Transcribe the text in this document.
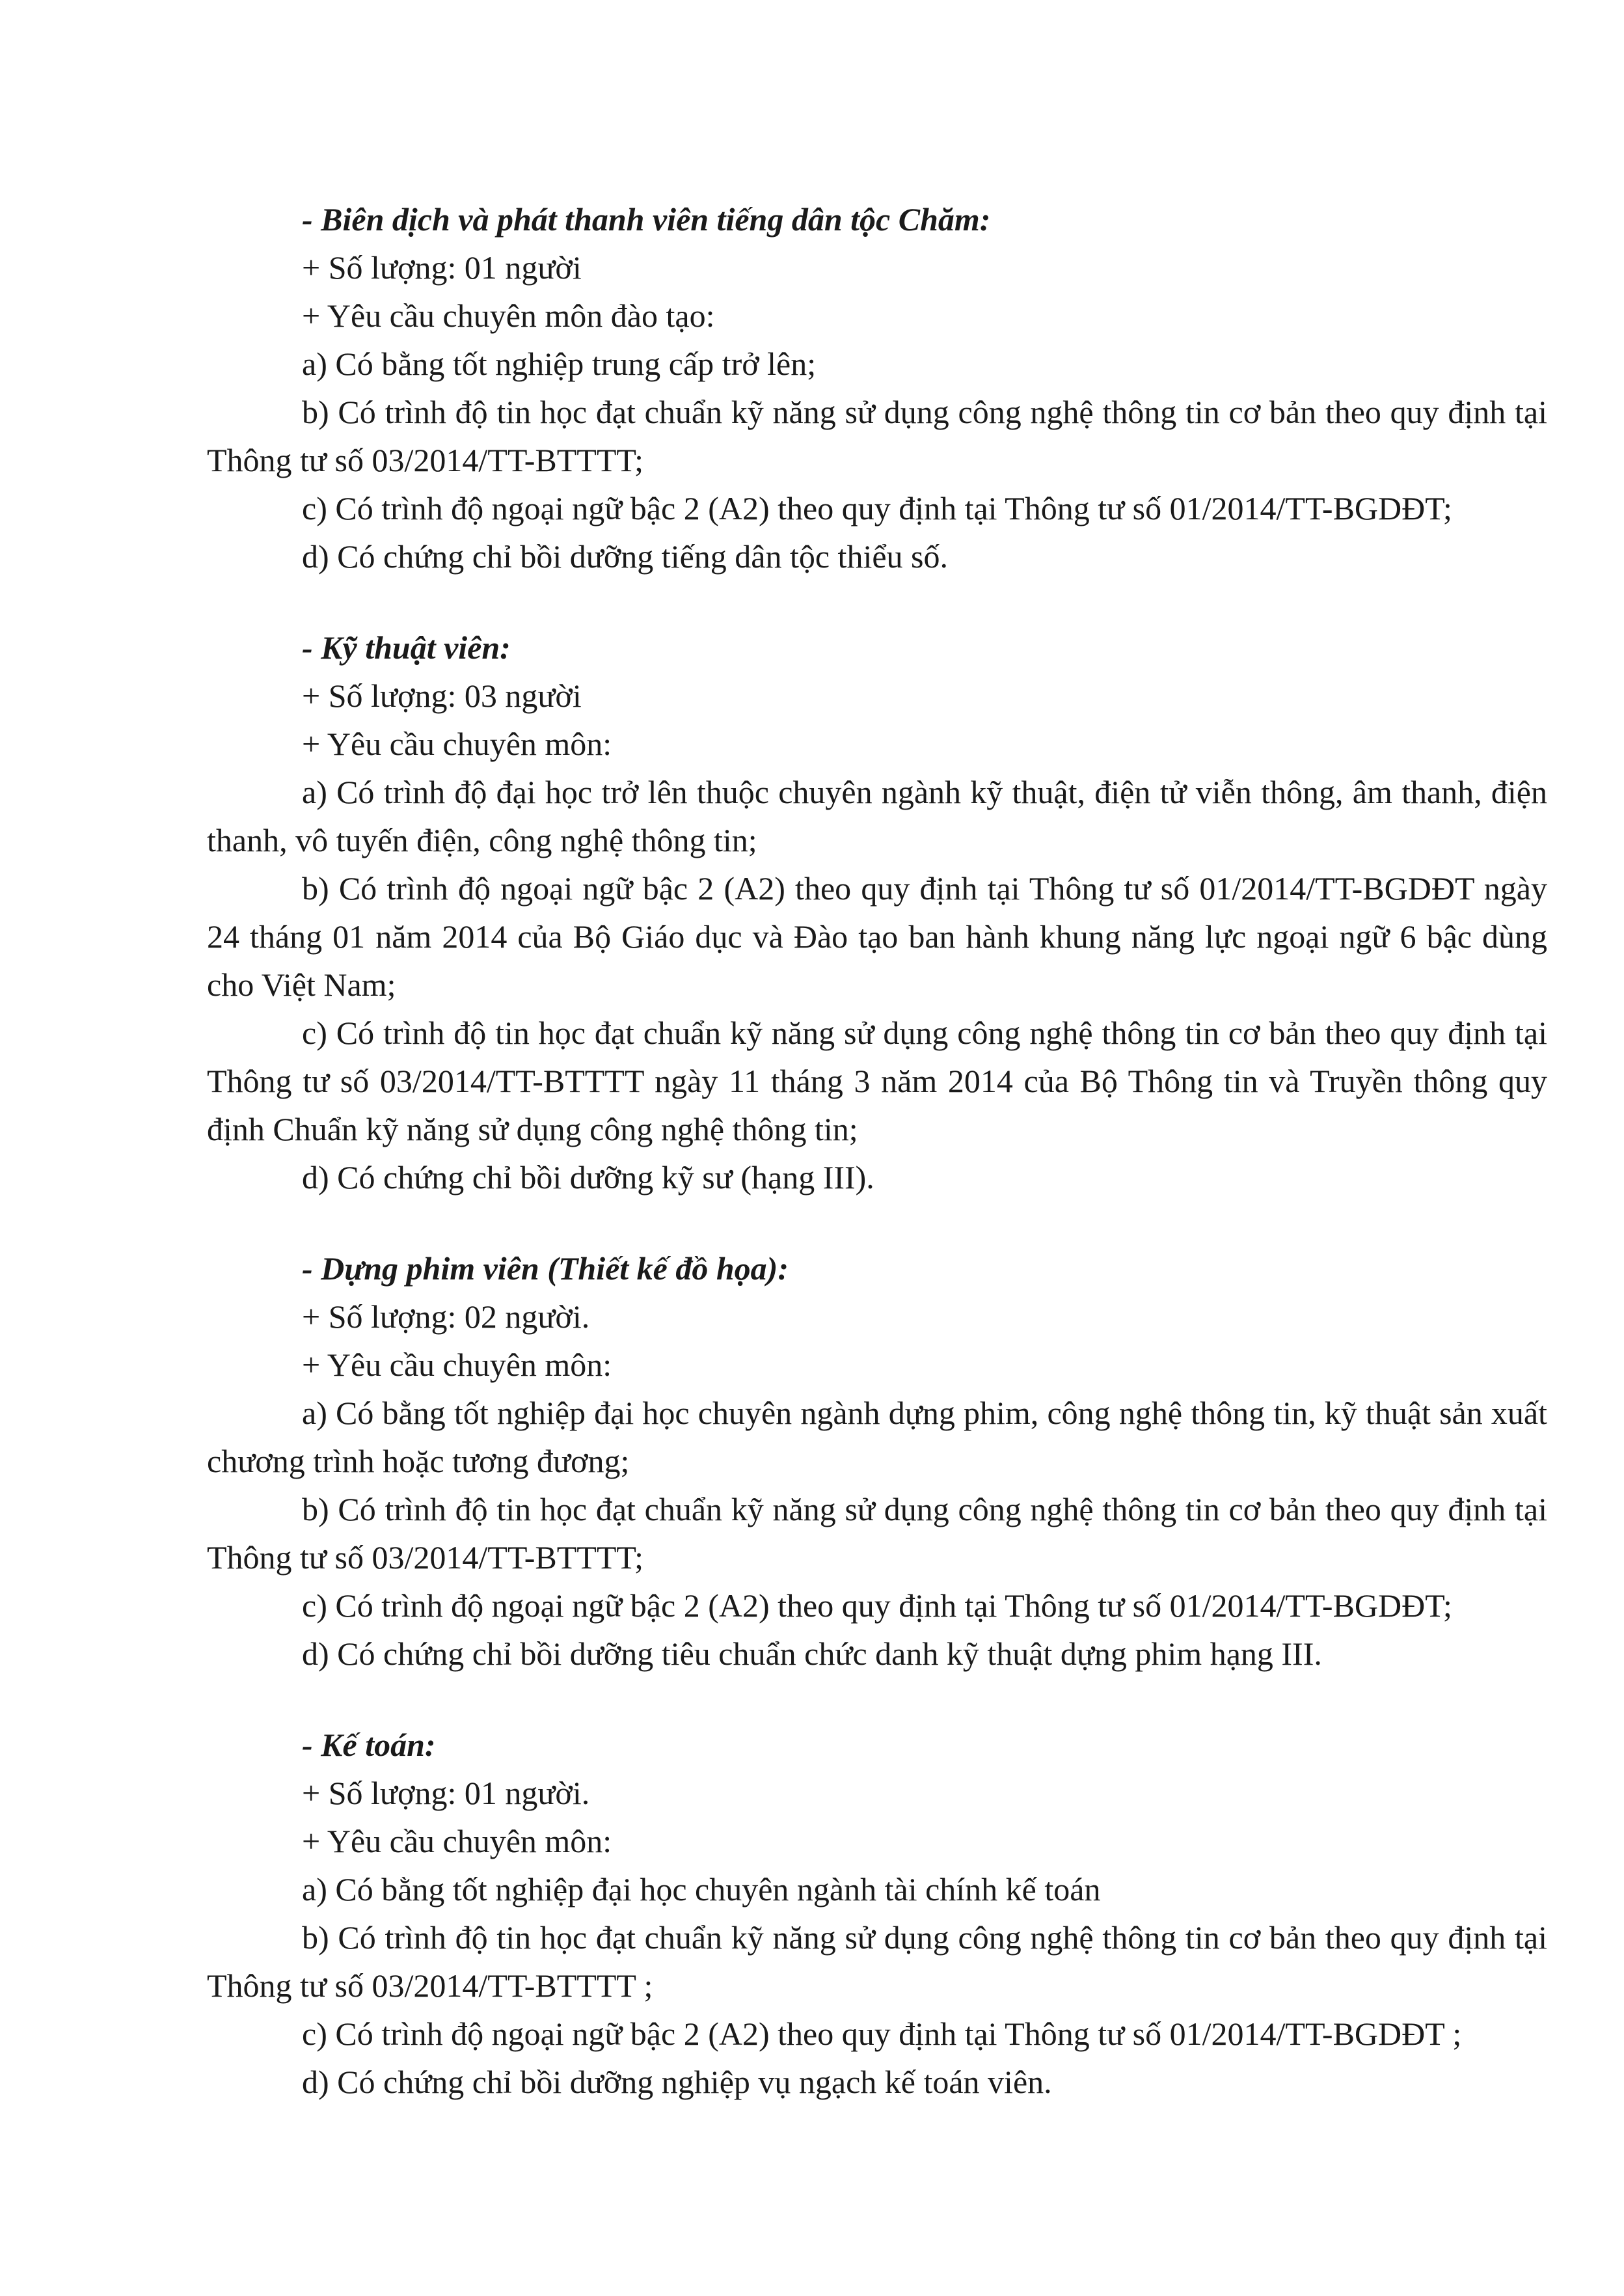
- Biên dịch và phát thanh viên tiếng dân tộc Chăm:

+ Số lượng: 01 người

+ Yêu cầu chuyên môn đào tạo:

a) Có bằng tốt nghiệp trung cấp trở lên;

b) Có trình độ tin học đạt chuẩn kỹ năng sử dụng công nghệ thông tin cơ bản theo quy định tại Thông tư số 03/2014/TT-BTTTT;

c) Có trình độ ngoại ngữ bậc 2 (A2) theo quy định tại Thông tư số 01/2014/TT-BGDĐT;

d) Có chứng chỉ bồi dưỡng tiếng dân tộc thiểu số.

- Kỹ thuật viên:

+ Số lượng: 03 người

+ Yêu cầu chuyên môn:

a) Có trình độ đại học trở lên thuộc chuyên ngành kỹ thuật, điện tử viễn thông, âm thanh, điện thanh, vô tuyến điện, công nghệ thông tin;

b) Có trình độ ngoại ngữ bậc 2 (A2) theo quy định tại Thông tư số 01/2014/TT-BGDĐT ngày 24 tháng 01 năm 2014 của Bộ Giáo dục và Đào tạo ban hành khung năng lực ngoại ngữ 6 bậc dùng cho Việt Nam;

c) Có trình độ tin học đạt chuẩn kỹ năng sử dụng công nghệ thông tin cơ bản theo quy định tại Thông tư số 03/2014/TT-BTTTT ngày 11 tháng 3 năm 2014 của Bộ Thông tin và Truyền thông quy định Chuẩn kỹ năng sử dụng công nghệ thông tin;

d) Có chứng chỉ bồi dưỡng kỹ sư (hạng III).

- Dựng phim viên (Thiết kế đồ họa):

+ Số lượng: 02 người.

+ Yêu cầu chuyên môn:

a) Có bằng tốt nghiệp đại học chuyên ngành dựng phim, công nghệ thông tin, kỹ thuật sản xuất chương trình hoặc tương đương;

b) Có trình độ tin học đạt chuẩn kỹ năng sử dụng công nghệ thông tin cơ bản theo quy định tại Thông tư số 03/2014/TT-BTTTT;

c) Có trình độ ngoại ngữ bậc 2 (A2) theo quy định tại Thông tư số 01/2014/TT-BGDĐT;

d) Có chứng chỉ bồi dưỡng tiêu chuẩn chức danh kỹ thuật dựng phim hạng III.

- Kế toán:

+ Số lượng: 01 người.

+ Yêu cầu chuyên môn:

a) Có bằng tốt nghiệp đại học chuyên ngành tài chính kế toán

b) Có trình độ tin học đạt chuẩn kỹ năng sử dụng công nghệ thông tin cơ bản theo quy định tại Thông tư số 03/2014/TT-BTTTT ;

c) Có trình độ ngoại ngữ bậc 2 (A2) theo quy định tại Thông tư số 01/2014/TT-BGDĐT ;

d) Có chứng chỉ bồi dưỡng nghiệp vụ ngạch kế toán viên.
